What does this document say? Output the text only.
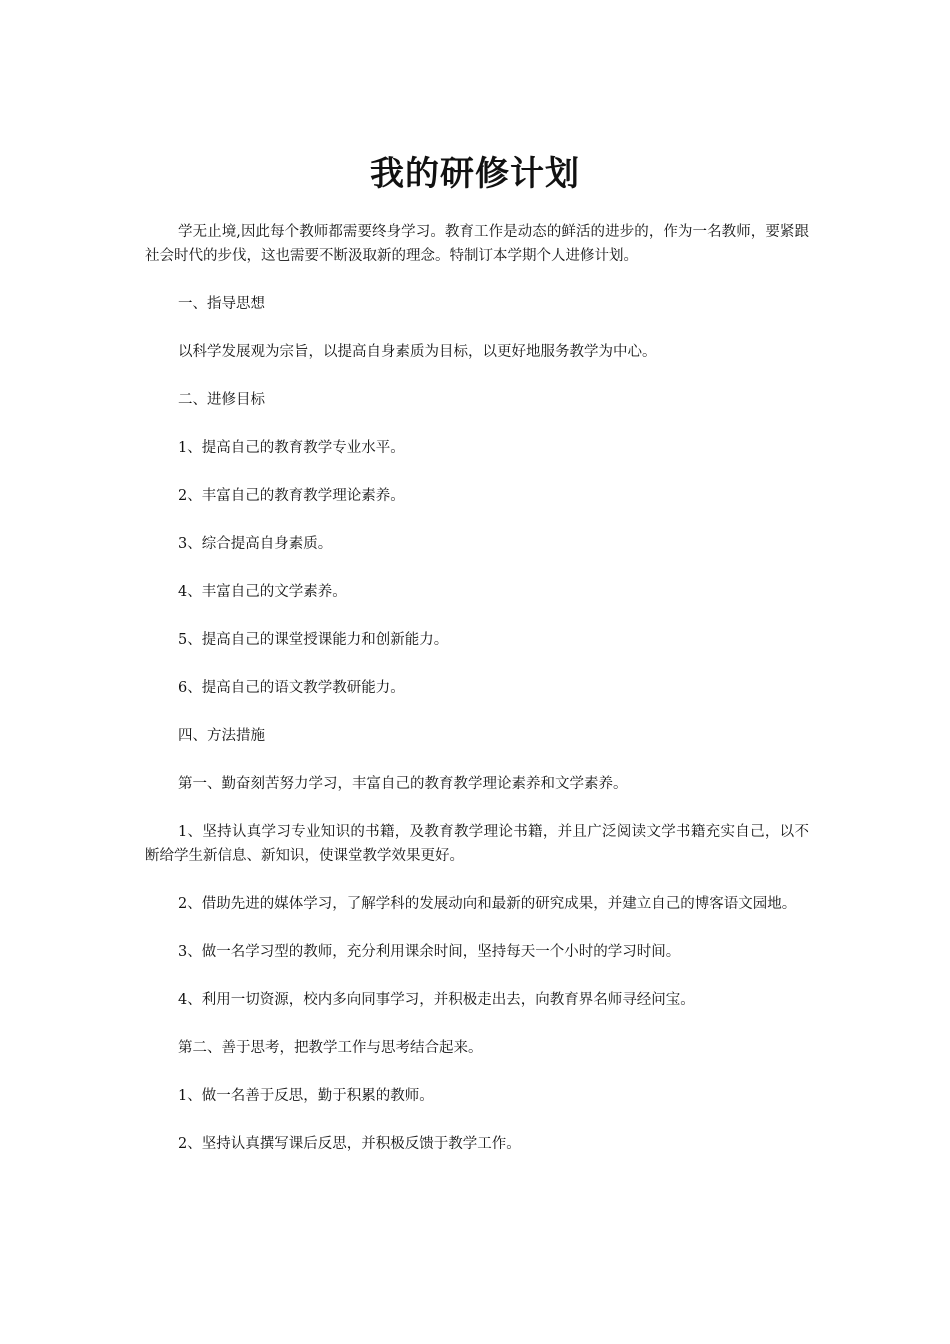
我的研修计划

学无止境,因此每个教师都需要终身学习。教育工作是动态的鲜活的进步的，作为一名教师，要紧跟社会时代的步伐，这也需要不断汲取新的理念。特制订本学期个人进修计划。

一、指导思想

以科学发展观为宗旨，以提高自身素质为目标，以更好地服务教学为中心。

二、进修目标

1、提高自己的教育教学专业水平。

2、丰富自己的教育教学理论素养。

3、综合提高自身素质。

4、丰富自己的文学素养。

5、提高自己的课堂授课能力和创新能力。

6、提高自己的语文教学教研能力。

四、方法措施

第一、勤奋刻苦努力学习，丰富自己的教育教学理论素养和文学素养。

1、坚持认真学习专业知识的书籍，及教育教学理论书籍，并且广泛阅读文学书籍充实自己，以不断给学生新信息、新知识，使课堂教学效果更好。

2、借助先进的媒体学习，了解学科的发展动向和最新的研究成果，并建立自己的博客语文园地。

3、做一名学习型的教师，充分利用课余时间，坚持每天一个小时的学习时间。

4、利用一切资源，校内多向同事学习，并积极走出去，向教育界名师寻经问宝。

第二、善于思考，把教学工作与思考结合起来。

1、做一名善于反思，勤于积累的教师。

2、坚持认真撰写课后反思，并积极反馈于教学工作。
